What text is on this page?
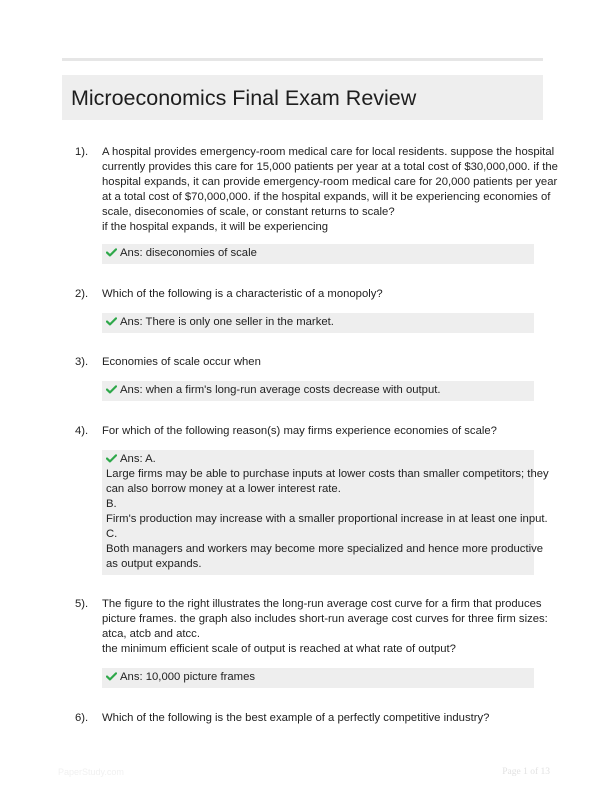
Microeconomics Final Exam Review
1). A hospital provides emergency-room medical care for local residents. suppose the hospital
currently provides this care for 15,000 patients per year at a total cost of $30,000,000. if the
hospital expands, it can provide emergency-room medical care for 20,000 patients per year
at a total cost of $70,000,000. if the hospital expands, will it be experiencing economies of
scale, diseconomies of scale, or constant returns to scale?
if the hospital expands, it will be experiencing
Ans: diseconomies of scale
2). Which of the following is a characteristic of a monopoly?
Ans: There is only one seller in the market.
3). Economies of scale occur when
Ans: when a firm's long-run average costs decrease with output.
4). For which of the following reason(s) may firms experience economies of scale?
Ans: A.
Large firms may be able to purchase inputs at lower costs than smaller competitors; they
can also borrow money at a lower interest rate.
B.
Firm's production may increase with a smaller proportional increase in at least one input.
C.
Both managers and workers may become more specialized and hence more productive
as output expands.
5). The figure to the right illustrates the long-run average cost curve for a firm that produces
picture frames. the graph also includes short-run average cost curves for three firm sizes:
atca, atcb and atcc.
the minimum efficient scale of output is reached at what rate of output?
Ans: 10,000 picture frames
6). Which of the following is the best example of a perfectly competitive industry?
PaperStudy.com	Page 1 of 13
